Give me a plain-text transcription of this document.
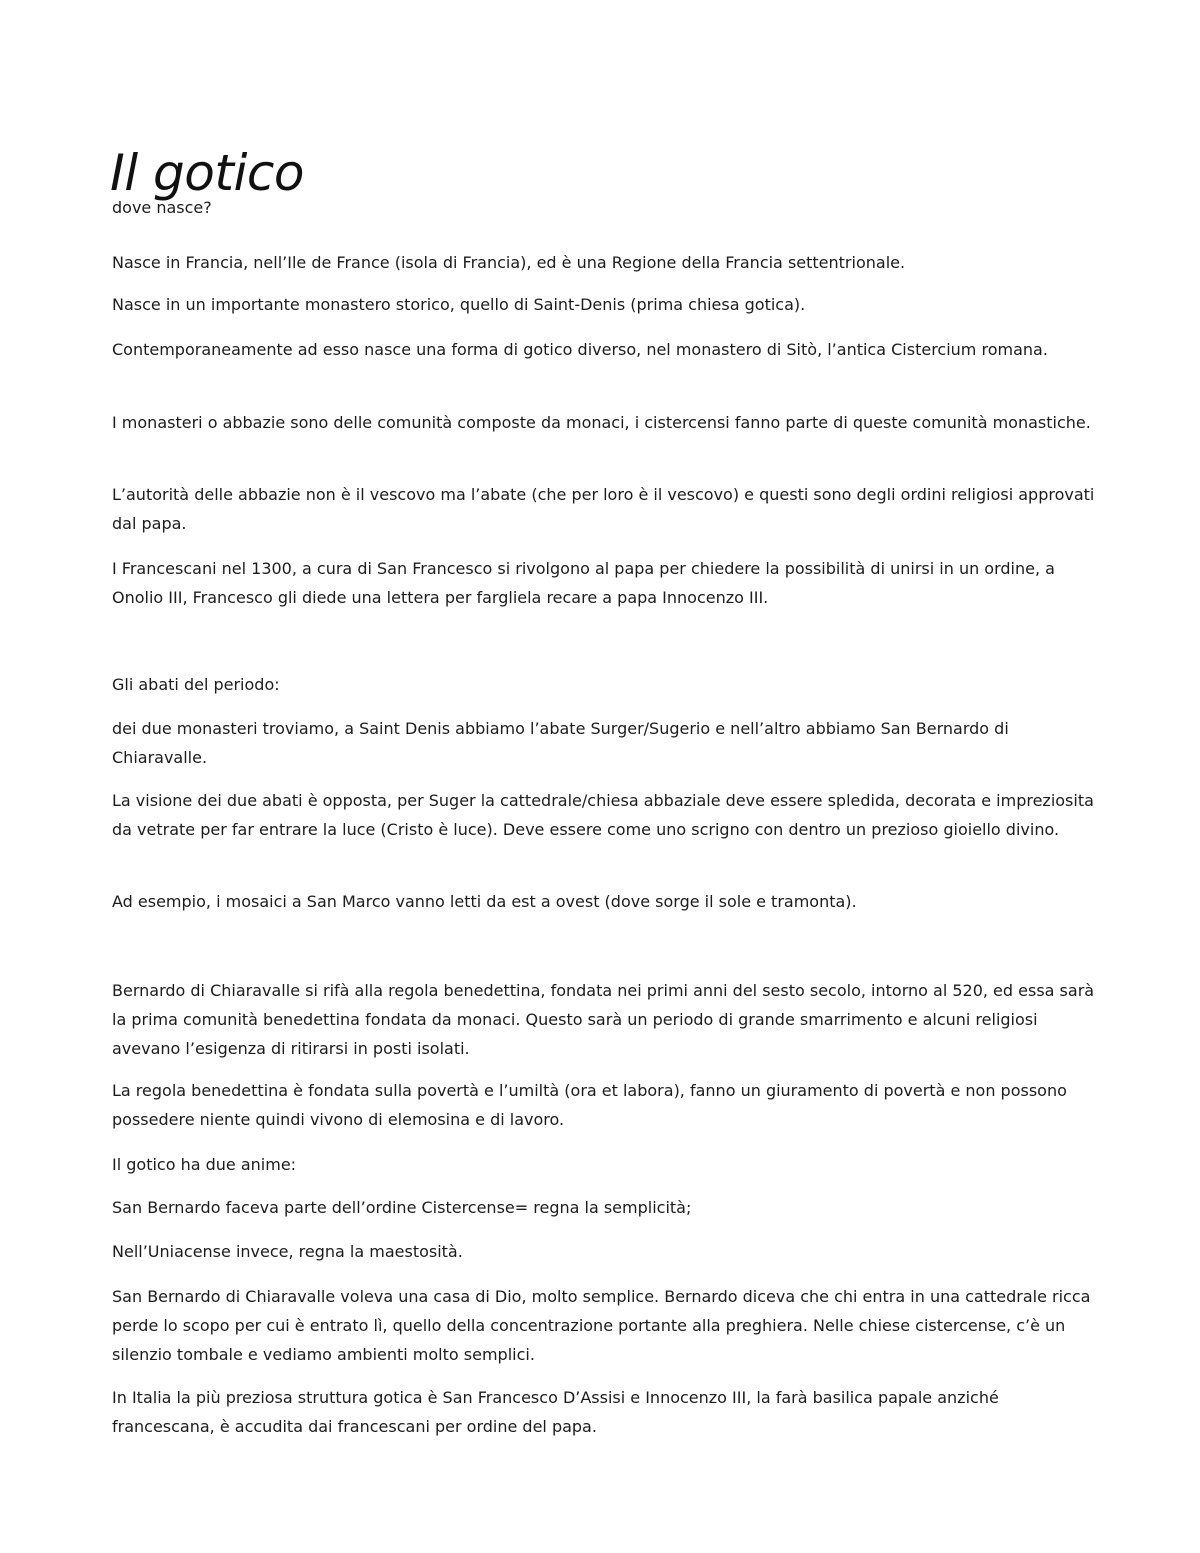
Il gotico

dove nasce?

Nasce in Francia, nell’Ile de France (isola di Francia), ed è una Regione della Francia settentrionale.

Nasce in un importante monastero storico, quello di Saint-Denis (prima chiesa gotica).

Contemporaneamente ad esso nasce una forma di gotico diverso, nel monastero di Sitò, l’antica Cistercium romana.

I monasteri o abbazie sono delle comunità composte da monaci, i cistercensi fanno parte di queste comunità monastiche.

L’autorità delle abbazie non è il vescovo ma l’abate (che per loro è il vescovo) e questi sono degli ordini religiosi approvati dal papa.

I Francescani nel 1300, a cura di San Francesco si rivolgono al papa per chiedere la possibilità di unirsi in un ordine, a Onolio III, Francesco gli diede una lettera per fargliela recare a papa Innocenzo III.

Gli abati del periodo:

dei due monasteri troviamo, a Saint Denis abbiamo l’abate Surger/Sugerio e nell’altro abbiamo San Bernardo di Chiaravalle.

La visione dei due abati è opposta, per Suger la cattedrale/chiesa abbaziale deve essere spledida, decorata e impreziosita da vetrate per far entrare la luce (Cristo è luce). Deve essere come uno scrigno con dentro un prezioso gioiello divino.

Ad esempio, i mosaici a San Marco vanno letti da est a ovest (dove sorge il sole e tramonta).

Bernardo di Chiaravalle si rifà alla regola benedettina, fondata nei primi anni del sesto secolo, intorno al 520, ed essa sarà la prima comunità benedettina fondata da monaci. Questo sarà un periodo di grande smarrimento e alcuni religiosi avevano l’esigenza di ritirarsi in posti isolati.

La regola benedettina è fondata sulla povertà e l’umiltà (ora et labora), fanno un giuramento di povertà e non possono possedere niente quindi vivono di elemosina e di lavoro.

Il gotico ha due anime:

San Bernardo faceva parte dell’ordine Cistercense= regna la semplicità;

Nell’Uniacense invece, regna la maestosità.

San Bernardo di Chiaravalle voleva una casa di Dio, molto semplice. Bernardo diceva che chi entra in una cattedrale ricca perde lo scopo per cui è entrato lì, quello della concentrazione portante alla preghiera. Nelle chiese cistercense, c’è un silenzio tombale e vediamo ambienti molto semplici.

In Italia la più preziosa struttura gotica è San Francesco D’Assisi e Innocenzo III, la farà basilica papale anziché francescana, è accudita dai francescani per ordine del papa.
